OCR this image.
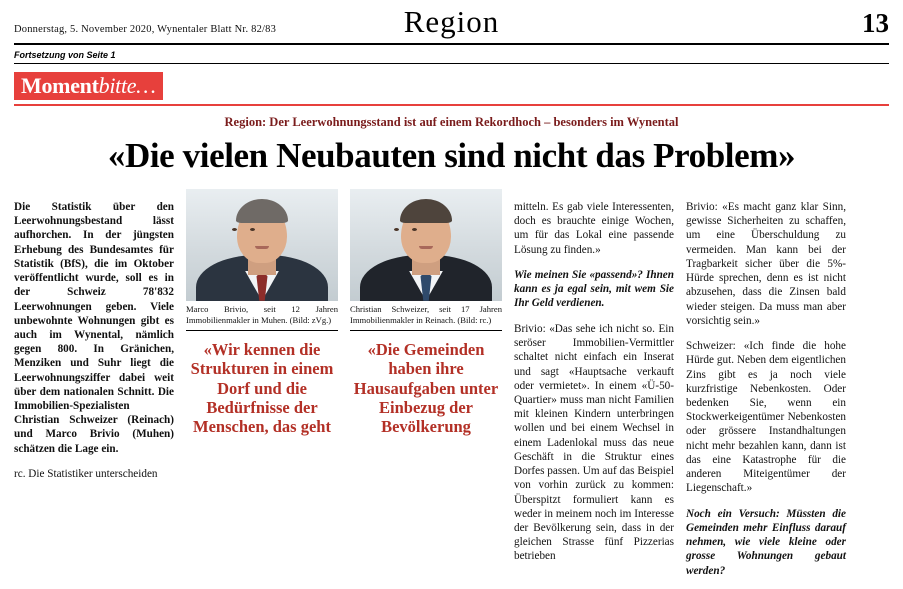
Donnerstag, 5. November 2020, Wynentaler Blatt Nr. 82/83	Region	13
Fortsetzung von Seite 1
Momentbitte…
Region: Der Leerwohnungsstand ist auf einem Rekordhoch – besonders im Wynental
«Die vielen Neubauten sind nicht das Problem»

Die Statistik über den Leerwohnungsbestand lässt aufhorchen. In der jüngsten Erhebung des Bundesamtes für Statistik (BfS), die im Oktober veröffentlicht wurde, soll es in der Schweiz 78'832 Leerwohnungen geben. Viele unbewohnte Wohnungen gibt es auch im Wynental, nämlich gegen 800. In Gränichen, Menziken und Suhr liegt die Leerwohnungsziffer dabei weit über dem nationalen Schnitt. Die Immobilien-Spezialisten Christian Schweizer (Reinach) und Marco Brivio (Muhen) schätzen die Lage ein.

rc. Die Statistiker unterscheiden

Marco Brivio, seit 12 Jahren Immobilienmakler in Muhen. (Bild: zVg.)
«Wir kennen die Strukturen in einem Dorf und die Bedürfnisse der Menschen, das geht
Christian Schweizer, seit 17 Jahren Immobilienmakler in Reinach. (Bild: rc.)
«Die Gemeinden haben ihre Hausaufgaben unter Einbezug der Bevölkerung

mitteln. Es gab viele Interessenten, doch es brauchte einige Wochen, um für das Lokal eine passende Lösung zu finden.»

Wie meinen Sie «passend»? Ihnen kann es ja egal sein, mit wem Sie Ihr Geld verdienen.

Brivio: «Das sehe ich nicht so. Ein seröser Immobilien-Vermittler schaltet nicht einfach ein Inserat und sagt «Hauptsache verkauft oder vermietet». In einem «Ü-50-Quartier» muss man nicht Familien mit kleinen Kindern unterbringen wollen und bei einem Wechsel in einem Ladenlokal muss das neue Geschäft in die Struktur eines Dorfes passen. Um auf das Beispiel von vorhin zurück zu kommen: Überspitzt formuliert kann es weder in meinem noch im Interesse der Bevölkerung sein, dass in der gleichen Strasse fünf Pizzerias betrieben

Brivio: «Es macht ganz klar Sinn, gewisse Sicherheiten zu schaffen, um eine Überschuldung zu vermeiden. Man kann bei der Tragbarkeit sicher über die 5%-Hürde sprechen, denn es ist nicht abzusehen, dass die Zinsen bald wieder steigen. Da muss man aber vorsichtig sein.»

Schweizer: «Ich finde die hohe Hürde gut. Neben dem eigentlichen Zins gibt es ja noch viele kurzfristige Nebenkosten. Oder bedenken Sie, wenn ein Stockwerkeigentümer Nebenkosten oder grössere Instandhaltungen nicht mehr bezahlen kann, dann ist das eine Katastrophe für die anderen Miteigentümer der Liegenschaft.»

Noch ein Versuch: Müssten die Gemeinden mehr Einfluss darauf nehmen, wie viele kleine oder grosse Wohnungen gebaut werden?
